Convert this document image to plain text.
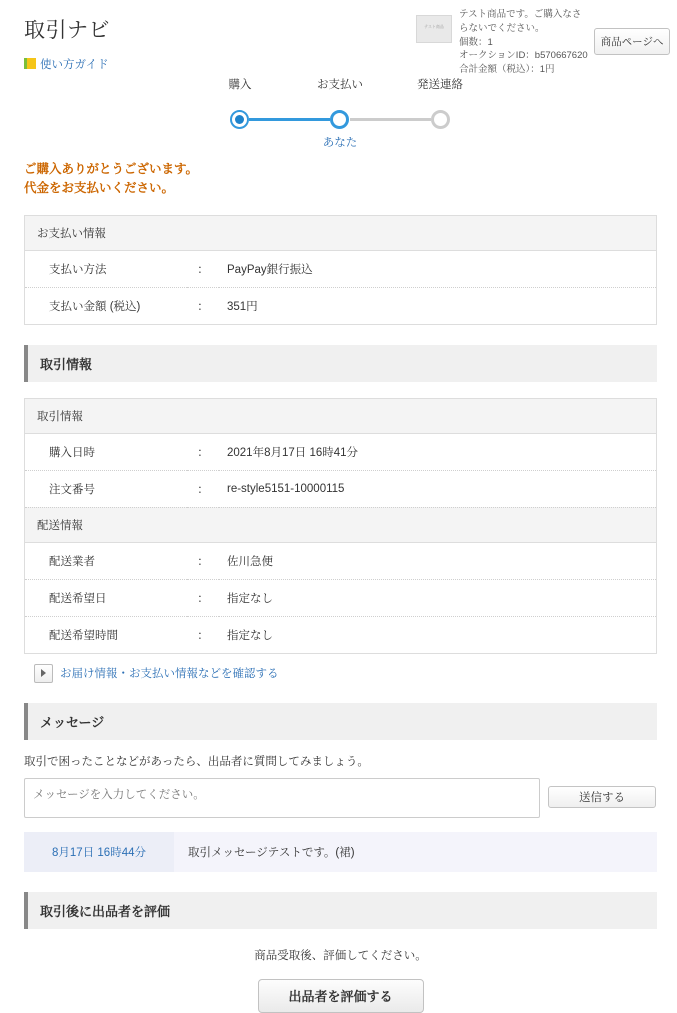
取引ナビ
使い方ガイド
テスト商品
テスト商品です。ご購入なさらないでください。
個数：1
オークションID：b570667620
合計金額（税込）：1円
商品ページへ
購入	お支払い	発送連絡
あなた
ご購入ありがとうございます。
代金をお支払いください。
お支払い情報		
支払い方法	：	PayPay銀行振込
支払い金額 (税込)	：	351円
取引情報
取引情報		
購入日時	：	2021年8月17日 16時41分
注文番号	：	re-style5151-10000115
配送情報		
配送業者	：	佐川急便
配送希望日	：	指定なし
配送希望時間	：	指定なし
お届け情報・お支払い情報などを確認する
メッセージ
取引で困ったことなどがあったら、出品者に質問してみましょう。
メッセージを入力してください。
送信する
8月17日 16時44分	取引メッセージテストです。(裙)
取引後に出品者を評価
商品受取後、評価してください。
出品者を評価する
